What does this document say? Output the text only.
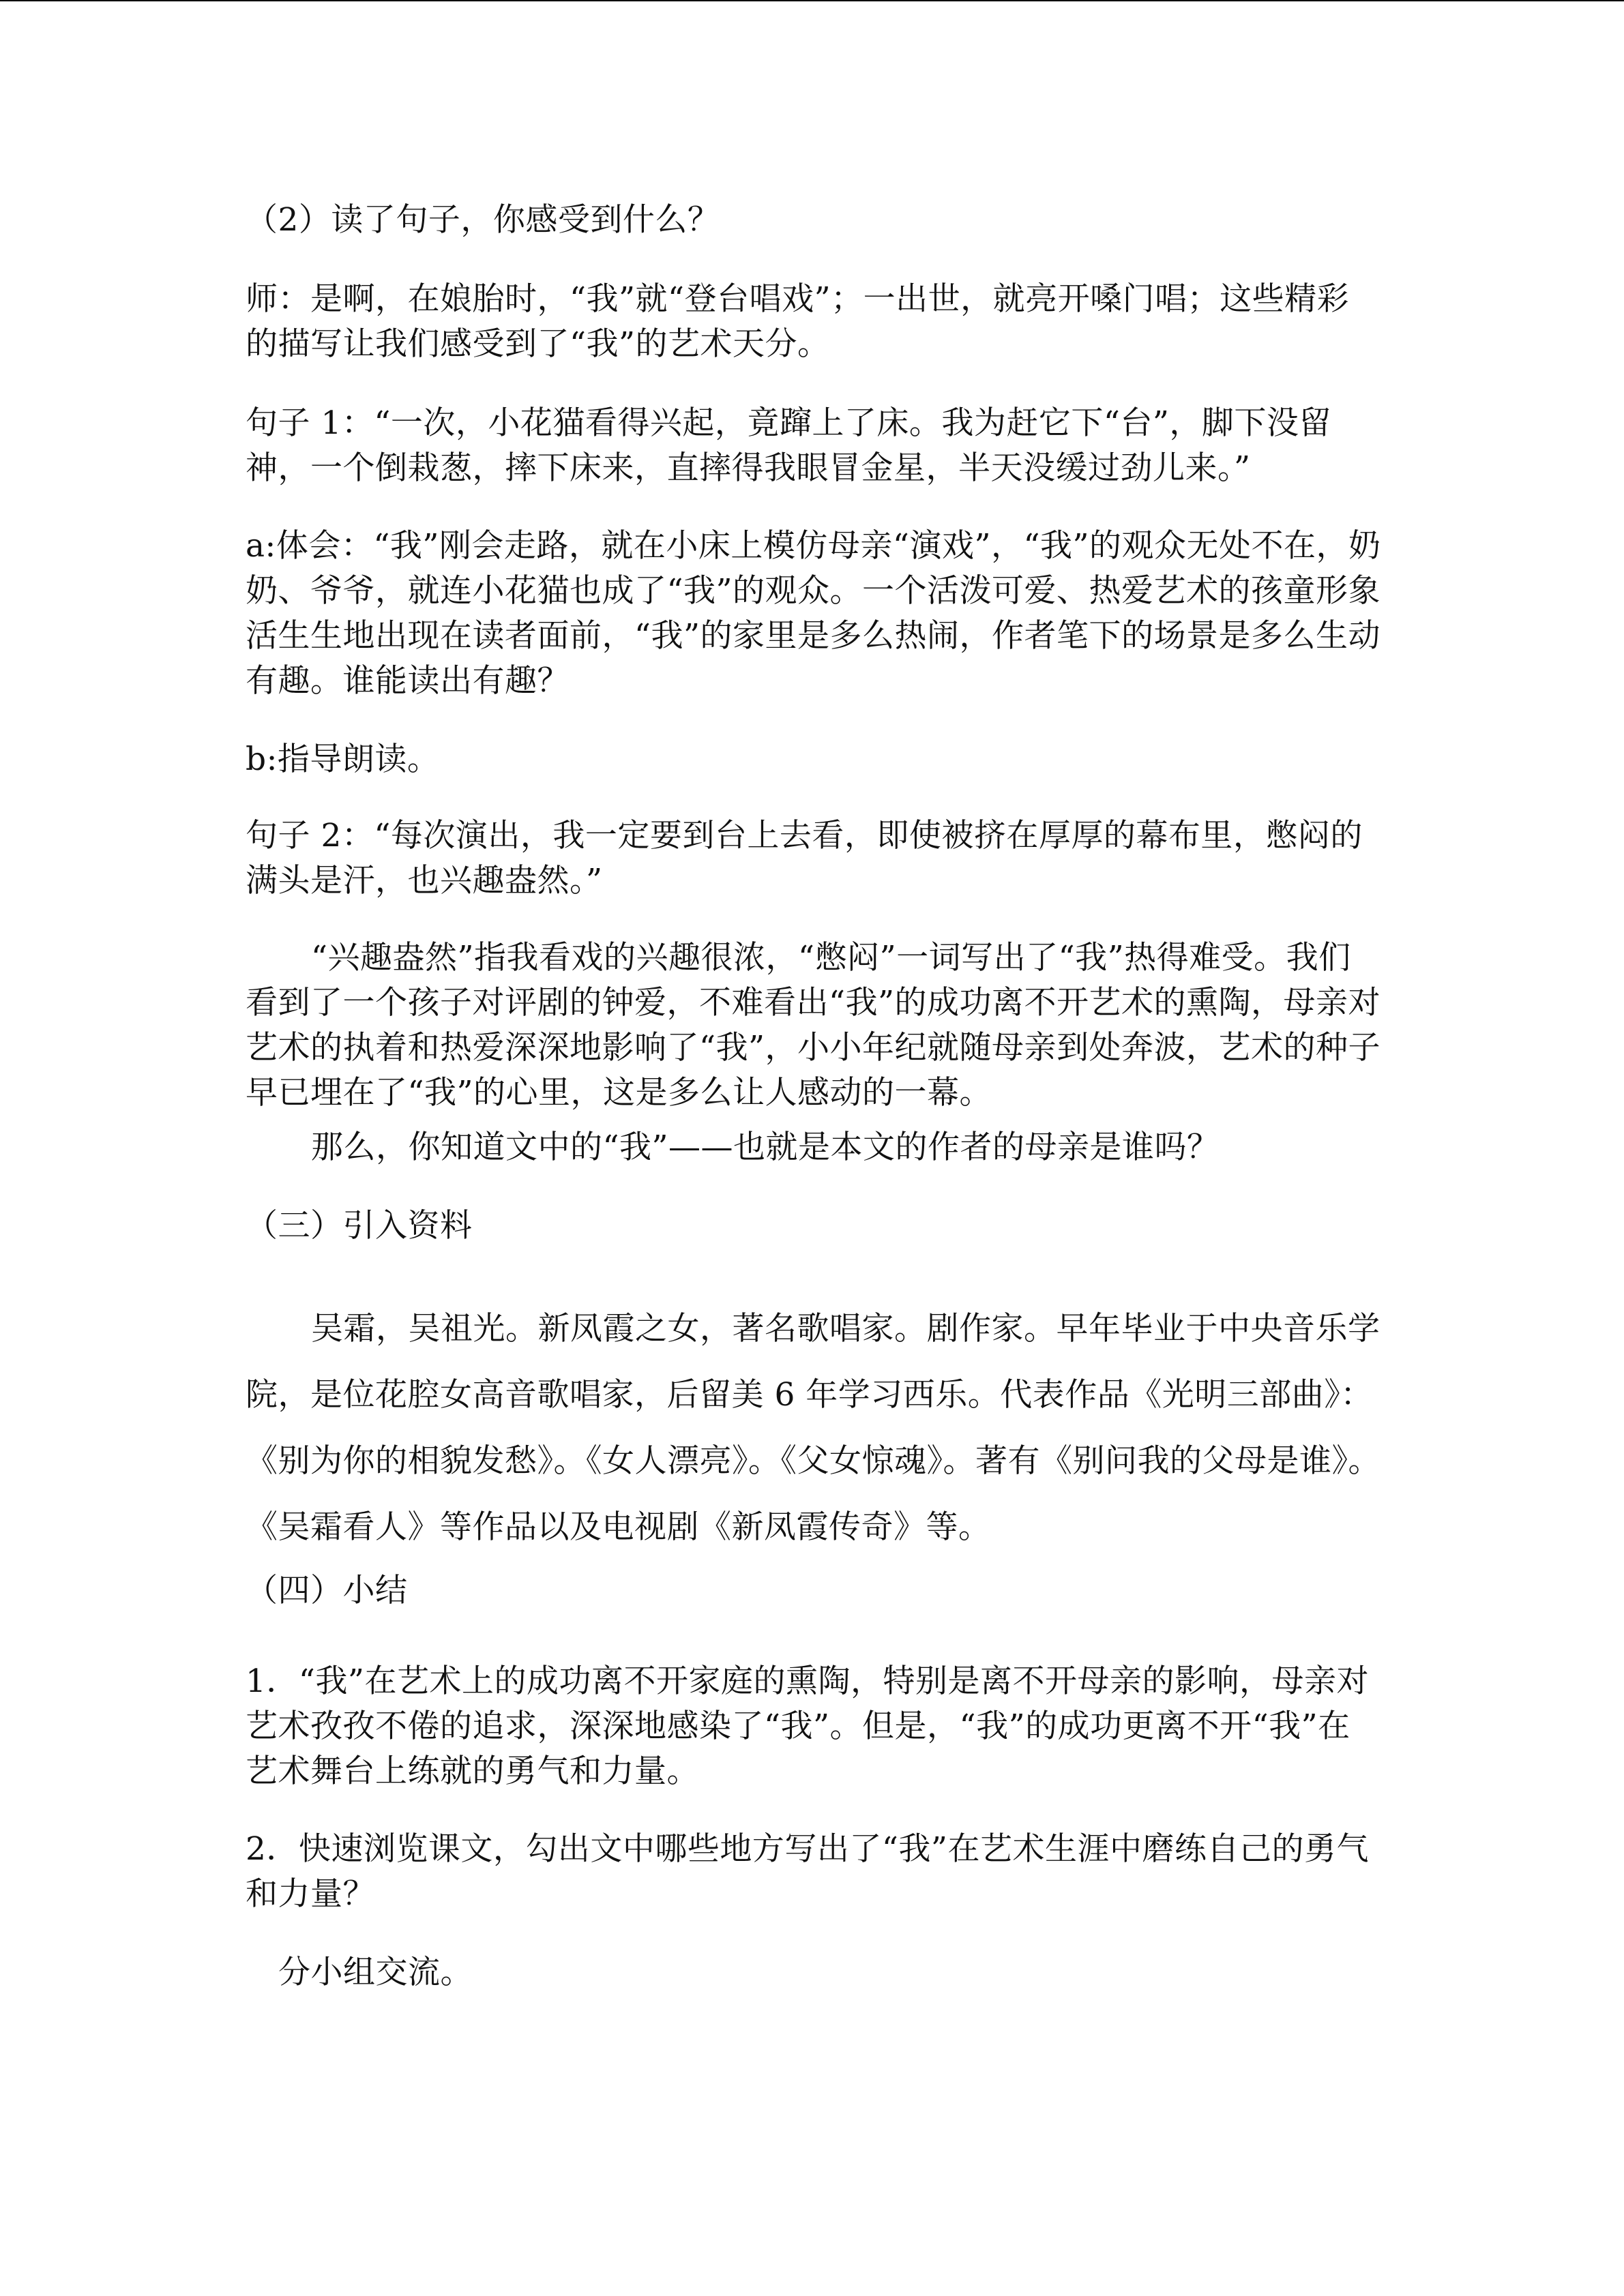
（2）读了句子，你感受到什么？
师：是啊，在娘胎时，“我”就“登台唱戏”；一出世，就亮开嗓门唱；这些精彩的描写让我们感受到了“我”的艺术天分。
句子 1：“一次，小花猫看得兴起，竟蹿上了床。我为赶它下“台”，脚下没留神，一个倒栽葱，摔下床来，直摔得我眼冒金星，半天没缓过劲儿来。”
a:体会：“我”刚会走路，就在小床上模仿母亲“演戏”，“我”的观众无处不在，奶奶、爷爷，就连小花猫也成了“我”的观众。一个活泼可爱、热爱艺术的孩童形象活生生地出现在读者面前，“我”的家里是多么热闹，作者笔下的场景是多么生动有趣。谁能读出有趣？
b:指导朗读。
句子 2：“每次演出，我一定要到台上去看，即使被挤在厚厚的幕布里，憋闷的满头是汗，也兴趣盎然。”
“兴趣盎然”指我看戏的兴趣很浓，“憋闷”一词写出了“我”热得难受。我们看到了一个孩子对评剧的钟爱，不难看出“我”的成功离不开艺术的熏陶，母亲对艺术的执着和热爱深深地影响了“我”，小小年纪就随母亲到处奔波，艺术的种子早已埋在了“我”的心里，这是多么让人感动的一幕。
那么，你知道文中的“我”——也就是本文的作者的母亲是谁吗？
（三）引入资料
吴霜，吴祖光。新凤霞之女，著名歌唱家。剧作家。早年毕业于中央音乐学院，是位花腔女高音歌唱家，后留美 6 年学习西乐。代表作品《光明三部曲》：《别为你的相貌发愁》。《女人漂亮》。《父女惊魂》。著有《别问我的父母是谁》。《吴霜看人》等作品以及电视剧《新凤霞传奇》等。
（四）小结
1．“我”在艺术上的成功离不开家庭的熏陶，特别是离不开母亲的影响，母亲对艺术孜孜不倦的追求，深深地感染了“我”。但是，“我”的成功更离不开“我”在艺术舞台上练就的勇气和力量。
2．快速浏览课文，勾出文中哪些地方写出了“我”在艺术生涯中磨练自己的勇气和力量？
分小组交流。
